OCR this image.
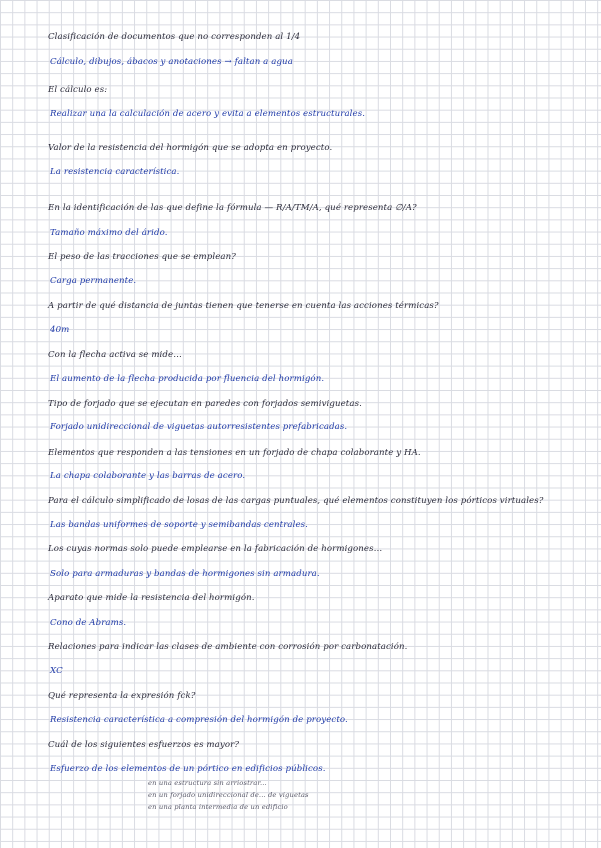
Clasificación de documentos que no corresponden al 1/4
Cálculo, dibujos, ábacos y anotaciones → faltan a agua
El cálculo es:
Realizar una la calculación de acero y evita a elementos estructurales.
Valor de la resistencia del hormigón que se adopta en proyecto.
La resistencia característica.
En la identificación de las que define la fórmula — R/A/TM/A, qué representa ∅/A?
Tamaño máximo del árido.
El peso de las tracciones que se emplean?
Carga permanente.
A partir de qué distancia de juntas tienen que tenerse en cuenta las acciones térmicas?
40m
Con la flecha activa se mide…
El aumento de la flecha producida por fluencia del hormigón.
Tipo de forjado que se ejecutan en paredes con forjados semiviguetas.
Forjado unidireccional de viguetas autorresistentes prefabricadas.
Elementos que responden a las tensiones en un forjado de chapa colaborante y HA.
La chapa colaborante y las barras de acero.
Para el cálculo simplificado de losas de las cargas puntuales, qué elementos constituyen los pórticos virtuales?
Las bandas uniformes de soporte y semibandas centrales.
Los cuyas normas solo puede emplearse en la fabricación de hormigones…
Solo para armaduras y bandas de hormigones sin armadura.
Aparato que mide la resistencia del hormigón.
Cono de Abrams.
Relaciones para indicar las clases de ambiente con corrosión por carbonatación.
XC
Qué representa la expresión fck?
Resistencia característica a compresión del hormigón de proyecto.
Cuál de los siguientes esfuerzos es mayor?
Esfuerzo de los elementos de un pórtico en edificios públicos.
en una estructura sin arriostrar...
en un forjado unidireccional de... de viguetas
en una planta intermedia de un edificio
